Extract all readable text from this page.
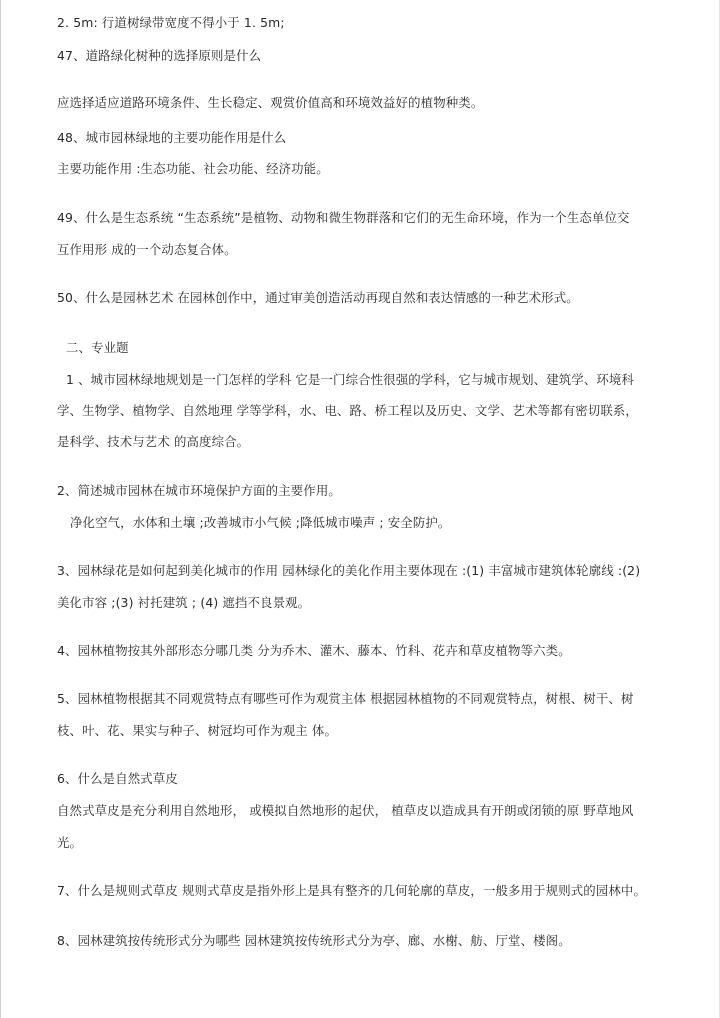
2. 5m: 行道树绿带宽度不得小于 1. 5m;
47、道路绿化树种的选择原则是什么
应选择适应道路环境条件、生长稳定、观赏价值高和环境效益好的植物种类。
48、城市园林绿地的主要功能作用是什么
主要功能作用 :生态功能、社会功能、经济功能。
49、什么是生态系统 “生态系统”是植物、动物和微生物群落和它们的无生命环境，作为一个生态单位交
互作用形 成的一个动态复合体。
50、什么是园林艺术 在园林创作中，通过审美创造活动再现自然和表达情感的一种艺术形式。
二、专业题
1 、城市园林绿地规划是一门怎样的学科 它是一门综合性很强的学科，它与城市规划、建筑学、环境科
学、生物学、植物学、自然地理 学等学科，水、电、路、桥工程以及历史、文学、艺术等都有密切联系，
是科学、技术与艺术 的高度综合。
2、简述城市园林在城市环境保护方面的主要作用。
净化空气，水体和土壤 ;改善城市小气候 ;降低城市噪声 ; 安全防护。
3、园林绿花是如何起到美化城市的作用 园林绿化的美化作用主要体现在 :(1) 丰富城市建筑体轮廓线 :(2)
美化市容 ;(3) 衬托建筑 ; (4) 遮挡不良景观。
4、园林植物按其外部形态分哪几类 分为乔木、灌木、藤本、竹科、花卉和草皮植物等六类。
5、园林植物根据其不同观赏特点有哪些可作为观赏主体 根据园林植物的不同观赏特点，树根、树干、树
枝、叶、花、果实与种子、树冠均可作为观主 体。
6、什么是自然式草皮
自然式草皮是充分利用自然地形， 或模拟自然地形的起伏， 植草皮以造成具有开朗或闭锁的原 野草地风
光。
7、什么是规则式草皮 规则式草皮是指外形上是具有整齐的几何轮廓的草皮，一般多用于规则式的园林中。
8、园林建筑按传统形式分为哪些 园林建筑按传统形式分为亭、廊、水榭、舫、厅堂、楼阁。
